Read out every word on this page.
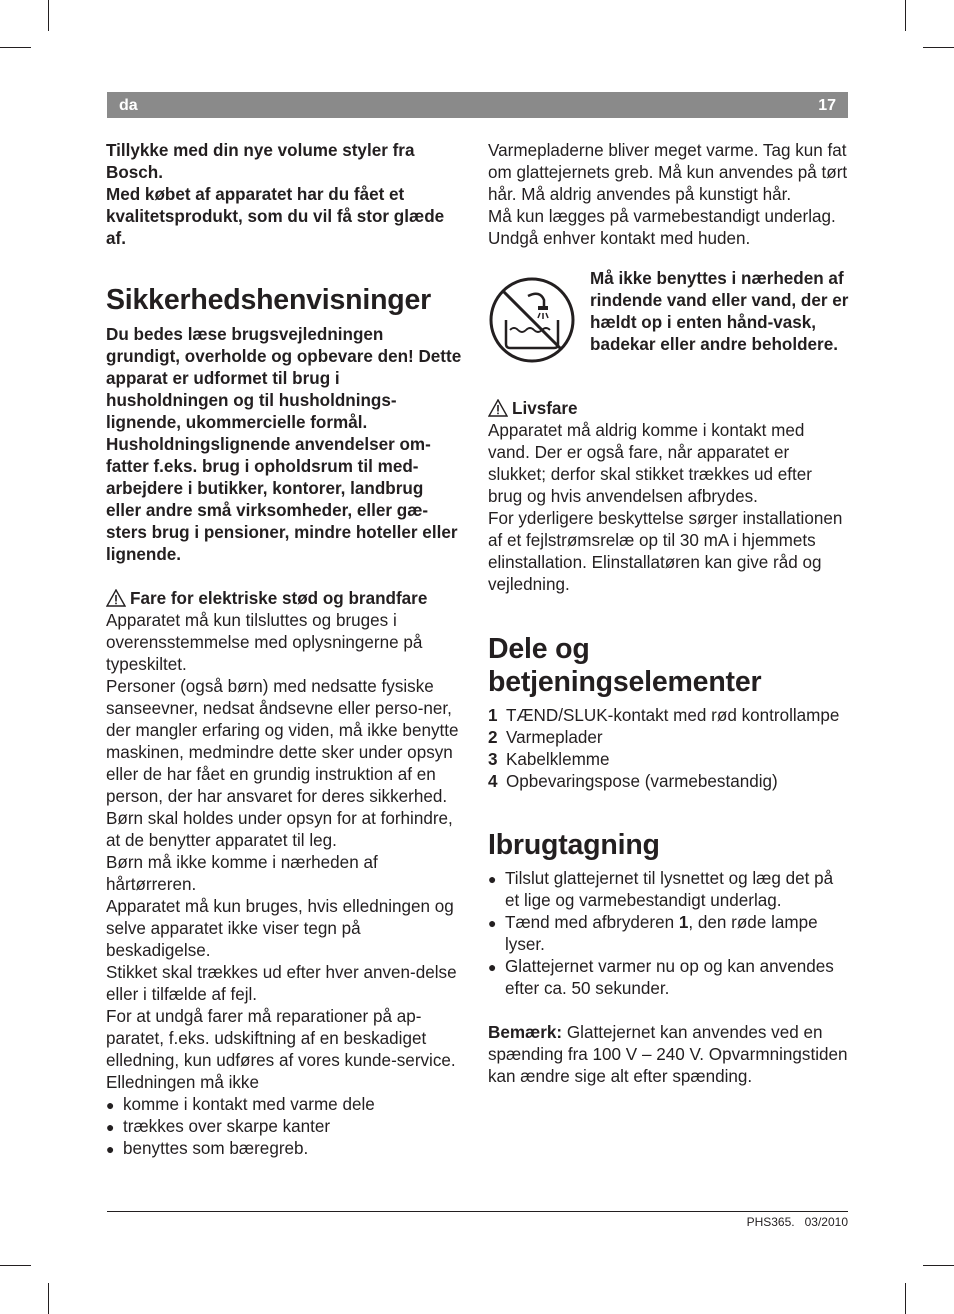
da	17

Tillykke med din nye volume styler fra Bosch.

Med købet af apparatet har du fået et kvalitetsprodukt, som du vil få stor glæde af.

Sikkerhedshenvisninger

Du bedes læse brugsvejledningen grundigt, overholde og opbevare den! Dette apparat er udformet til brug i husholdningen og til husholdnings-lignende, ukommercielle formål. Husholdningslignende anvendelser om-fatter f.eks. brug i opholdsrum til med-arbejdere i butikker, kontorer, landbrug eller andre små virksomheder, eller gæ-sters brug i pensioner, mindre hoteller eller lignende.

Fare for elektriske stød og brandfare

Apparatet må kun tilsluttes og bruges i overensstemmelse med oplysningerne på typeskiltet.

Personer (også børn) med nedsatte fysiske sanseevner, nedsat åndsevne eller perso-ner, der mangler erfaring og viden, må ikke benytte maskinen, medmindre dette sker under opsyn eller de har fået en grundig instruktion af en person, der har ansvaret for deres sikkerhed.

Børn skal holdes under opsyn for at forhindre, at de benytter apparatet til leg.

Børn må ikke komme i nærheden af hårtørreren.

Apparatet må kun bruges, hvis elledningen og selve apparatet ikke viser tegn på beskadigelse.

Stikket skal trækkes ud efter hver anven-delse eller i tilfælde af fejl.

For at undgå farer må reparationer på ap-paratet, f.eks. udskiftning af en beskadiget elledning, kun udføres af vores kunde-service.

Elledningen må ikke

● komme i kontakt med varme dele
● trækkes over skarpe kanter
● benyttes som bæregreb.

Varmepladerne bliver meget varme. Tag kun fat om glattejernets greb. Må kun anvendes på tørt hår. Må aldrig anvendes på kunstigt hår.

Må kun lægges på varmebestandigt underlag.

Undgå enhver kontakt med huden.

Må ikke benyttes i nærheden af rindende vand eller vand, der er hældt op i enten hånd-vask, badekar eller andre beholdere.

Livsfare

Apparatet må aldrig komme i kontakt med vand. Der er også fare, når apparatet er slukket; derfor skal stikket trækkes ud efter brug og hvis anvendelsen afbrydes.

For yderligere beskyttelse sørger installationen af et fejlstrømsrelæ op til 30 mA i hjemmets elinstallation. Elinstallatøren kan give råd og vejledning.

Dele og betjeningselementer
1 TÆND/SLUK-kontakt med rød kontrollampe
2 Varmeplader
3 Kabelklemme
4 Opbevaringspose (varmebestandig)
Ibrugtagning
● Tilslut glattejernet til lysnettet og læg det på et lige og varmebestandigt underlag.
● Tænd med afbryderen 1, den røde lampe lyser.
● Glattejernet varmer nu op og kan anvendes efter ca. 50 sekunder.

Bemærk: Glattejernet kan anvendes ved en spænding fra 100 V – 240 V. Opvarmningstiden kan ændre sige alt efter spænding.

PHS365. 03/2010
